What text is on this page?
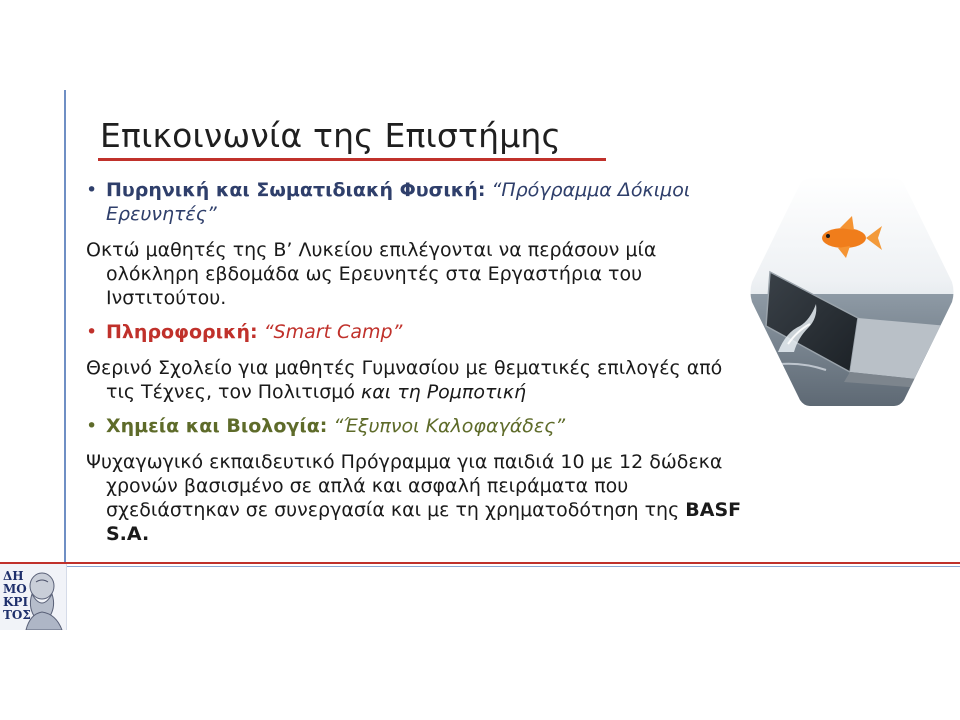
Επικοινωνία της Επιστήμης
• Πυρηνική και Σωματιδιακή Φυσική: “Πρόγραμμα Δόκιμοι Ερευνητές”
Οκτώ μαθητές της Β’ Λυκείου επιλέγονται να περάσουν μία ολόκληρη εβδομάδα ως Ερευνητές στα Εργαστήρια του Ινστιτούτου.
• Πληροφορική: “Smart Camp”
Θερινό Σχολείο για μαθητές Γυμνασίου με θεματικές επιλογές από τις Τέχνες, τον Πολιτισμό και τη Ρομποτική
• Χημεία και Βιολογία: “Έξυπνοι Καλοφαγάδες”
Ψυχαγωγικό εκπαιδευτικό Πρόγραμμα για παιδιά 10 με 12 δώδεκα χρονών βασισμένο σε απλά και ασφαλή πειράματα που σχεδιάστηκαν σε συνεργασία και με τη χρηματοδότηση της BASF S.A.
ΔΗ ΜΟ ΚΡΙ ΤΟΣ
